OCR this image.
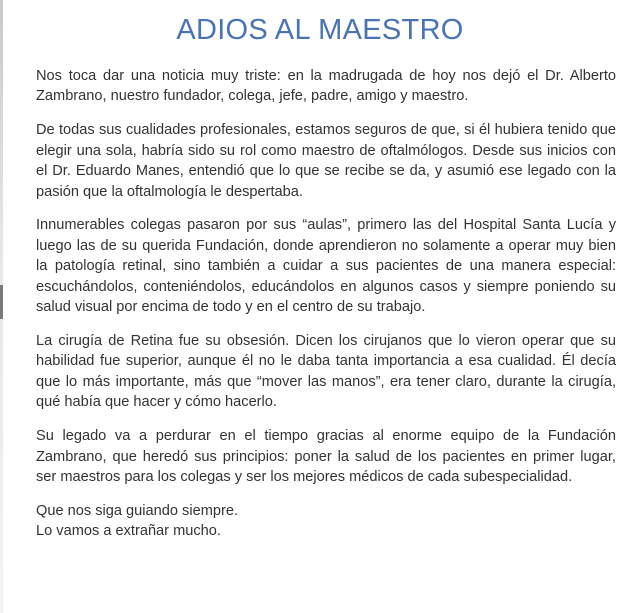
ADIOS AL MAESTRO

Nos toca dar una noticia muy triste: en la madrugada de hoy nos dejó el Dr. Alberto Zambrano, nuestro fundador, colega, jefe, padre, amigo y maestro.

De todas sus cualidades profesionales, estamos seguros de que, si él hubiera tenido que elegir una sola, habría sido su rol como maestro de oftalmólogos. Desde sus inicios con el Dr. Eduardo Manes, entendió que lo que se recibe se da, y asumió ese legado con la pasión que la oftalmología le despertaba.

Innumerables colegas pasaron por sus “aulas”, primero las del Hospital Santa Lucía y luego las de su querida Fundación, donde aprendieron no solamente a operar muy bien la patología retinal, sino también a cuidar a sus pacientes de una manera especial: escuchándolos, conteniéndolos, educándolos en algunos casos y siempre poniendo su salud visual por encima de todo y en el centro de su trabajo.

La cirugía de Retina fue su obsesión. Dicen los cirujanos que lo vieron operar que su habilidad fue superior, aunque él no le daba tanta importancia a esa cualidad. Él decía que lo más importante, más que “mover las manos”, era tener claro, durante la cirugía, qué había que hacer y cómo hacerlo.

Su legado va a perdurar en el tiempo gracias al enorme equipo de la Fundación Zambrano, que heredó sus principios: poner la salud de los pacientes en primer lugar, ser maestros para los colegas y ser los mejores médicos de cada subespecialidad.

Que nos siga guiando siempre.
Lo vamos a extrañar mucho.
